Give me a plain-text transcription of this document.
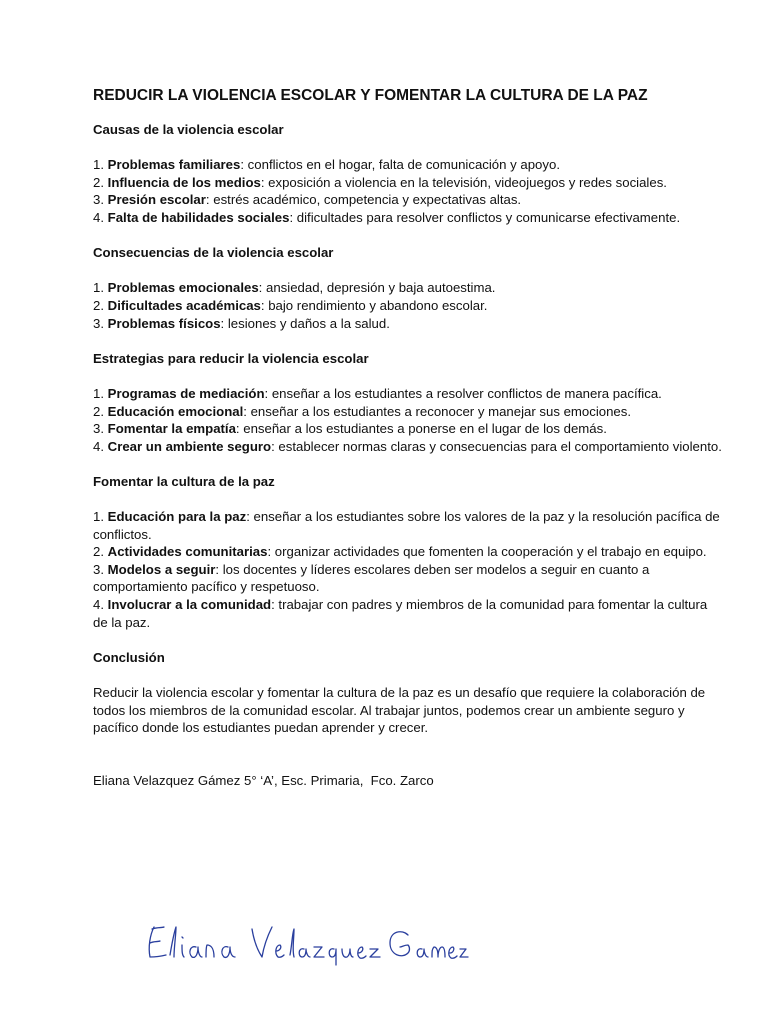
REDUCIR LA VIOLENCIA ESCOLAR Y FOMENTAR LA CULTURA DE LA PAZ
Causas de la violencia escolar
1. Problemas familiares: conflictos en el hogar, falta de comunicación y apoyo.
2. Influencia de los medios: exposición a violencia en la televisión, videojuegos y redes sociales.
3. Presión escolar: estrés académico, competencia y expectativas altas.
4. Falta de habilidades sociales: dificultades para resolver conflictos y comunicarse efectivamente.
Consecuencias de la violencia escolar
1. Problemas emocionales: ansiedad, depresión y baja autoestima.
2. Dificultades académicas: bajo rendimiento y abandono escolar.
3. Problemas físicos: lesiones y daños a la salud.
Estrategias para reducir la violencia escolar
1. Programas de mediación: enseñar a los estudiantes a resolver conflictos de manera pacífica.
2. Educación emocional: enseñar a los estudiantes a reconocer y manejar sus emociones.
3. Fomentar la empatía: enseñar a los estudiantes a ponerse en el lugar de los demás.
4. Crear un ambiente seguro: establecer normas claras y consecuencias para el comportamiento violento.
Fomentar la cultura de la paz
1. Educación para la paz: enseñar a los estudiantes sobre los valores de la paz y la resolución pacífica de conflictos.
2. Actividades comunitarias: organizar actividades que fomenten la cooperación y el trabajo en equipo.
3. Modelos a seguir: los docentes y líderes escolares deben ser modelos a seguir en cuanto a comportamiento pacífico y respetuoso.
4. Involucrar a la comunidad: trabajar con padres y miembros de la comunidad para fomentar la cultura de la paz.
Conclusión

Reducir la violencia escolar y fomentar la cultura de la paz es un desafío que requiere la colaboración de todos los miembros de la comunidad escolar. Al trabajar juntos, podemos crear un ambiente seguro y pacífico donde los estudiantes puedan aprender y crecer.

Eliana Velazquez Gámez 5° ‘A’, Esc. Primaria,  Fco. Zarco
